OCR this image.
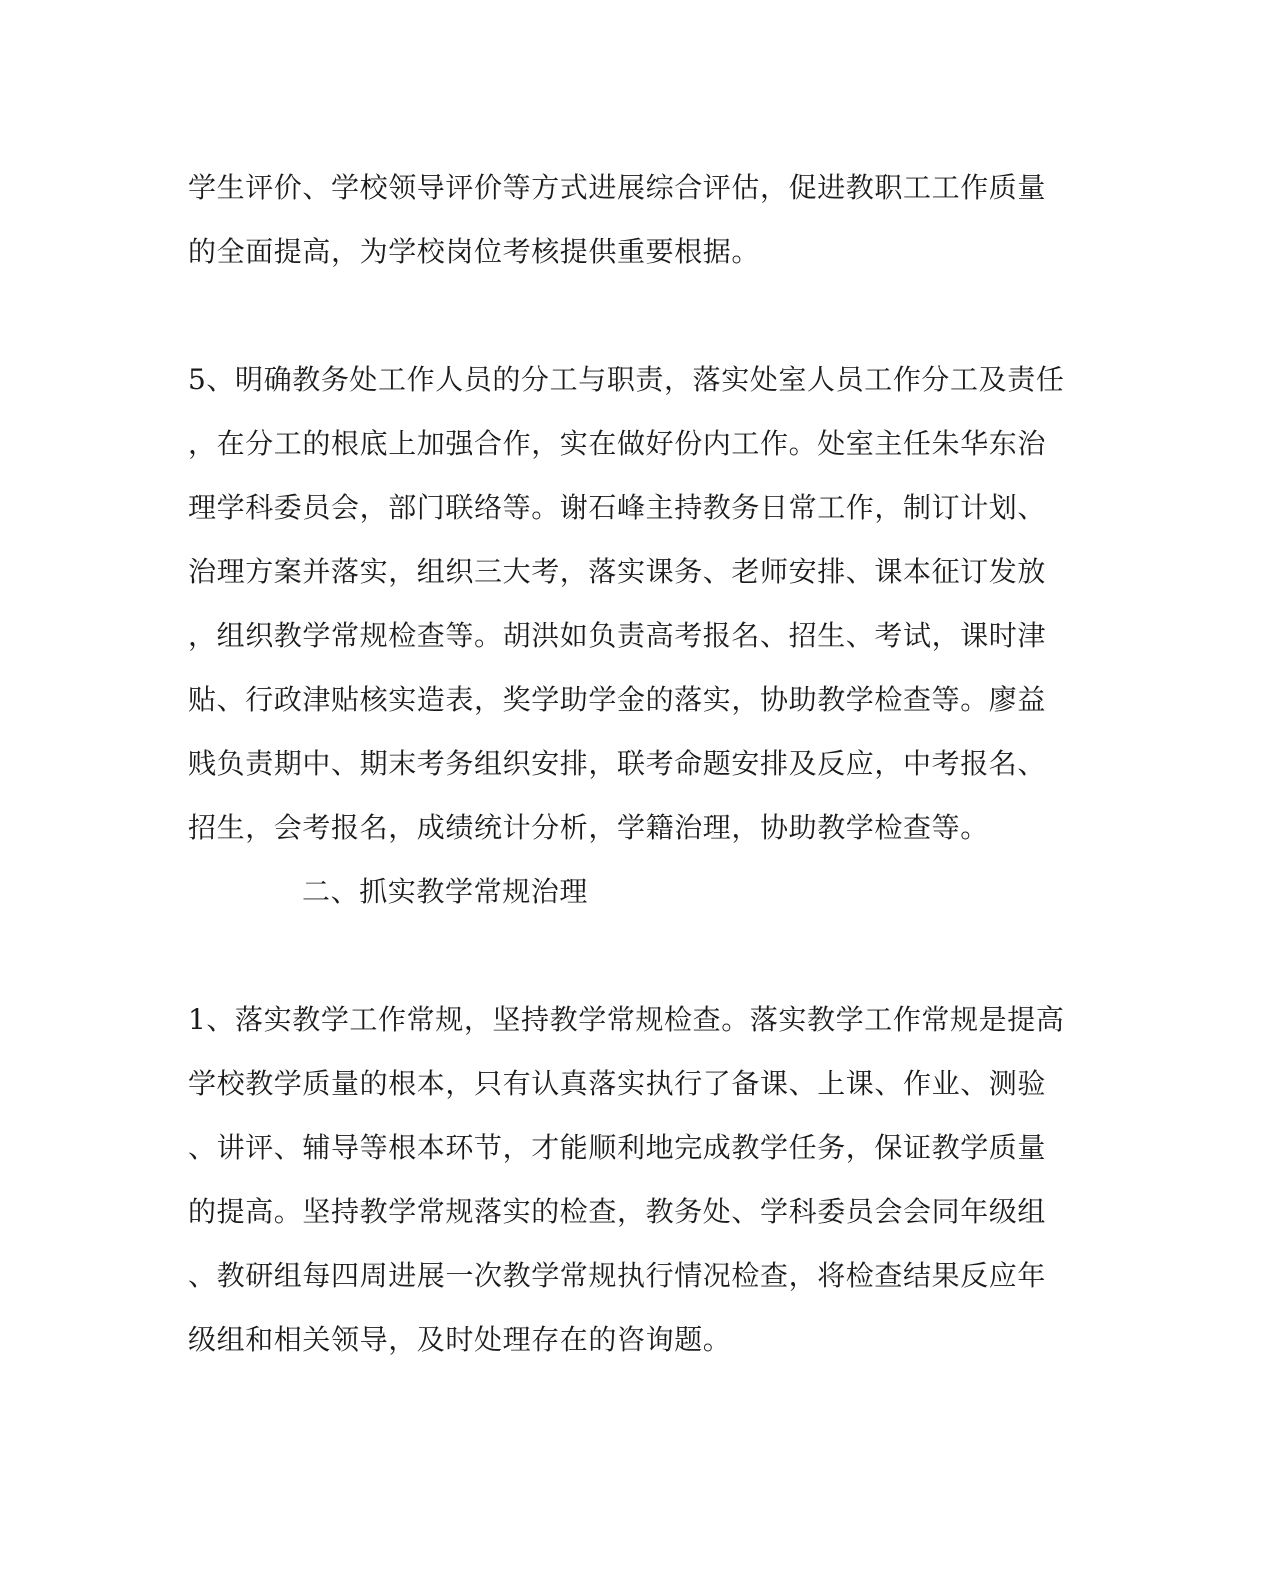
学生评价、学校领导评价等方式进展综合评估，促进教职工工作质量
的全面提高，为学校岗位考核提供重要根据。
5、明确教务处工作人员的分工与职责，落实处室人员工作分工及责任
，在分工的根底上加强合作，实在做好份内工作。处室主任朱华东治
理学科委员会，部门联络等。谢石峰主持教务日常工作，制订计划、
治理方案并落实，组织三大考，落实课务、老师安排、课本征订发放
，组织教学常规检查等。胡洪如负责高考报名、招生、考试，课时津
贴、行政津贴核实造表，奖学助学金的落实，协助教学检查等。廖益
贱负责期中、期末考务组织安排，联考命题安排及反应，中考报名、
招生，会考报名，成绩统计分析，学籍治理，协助教学检查等。
二、抓实教学常规治理
1、落实教学工作常规，坚持教学常规检查。落实教学工作常规是提高
学校教学质量的根本，只有认真落实执行了备课、上课、作业、测验
、讲评、辅导等根本环节，才能顺利地完成教学任务，保证教学质量
的提高。坚持教学常规落实的检查，教务处、学科委员会会同年级组
、教研组每四周进展一次教学常规执行情况检查，将检查结果反应年
级组和相关领导，及时处理存在的咨询题。
